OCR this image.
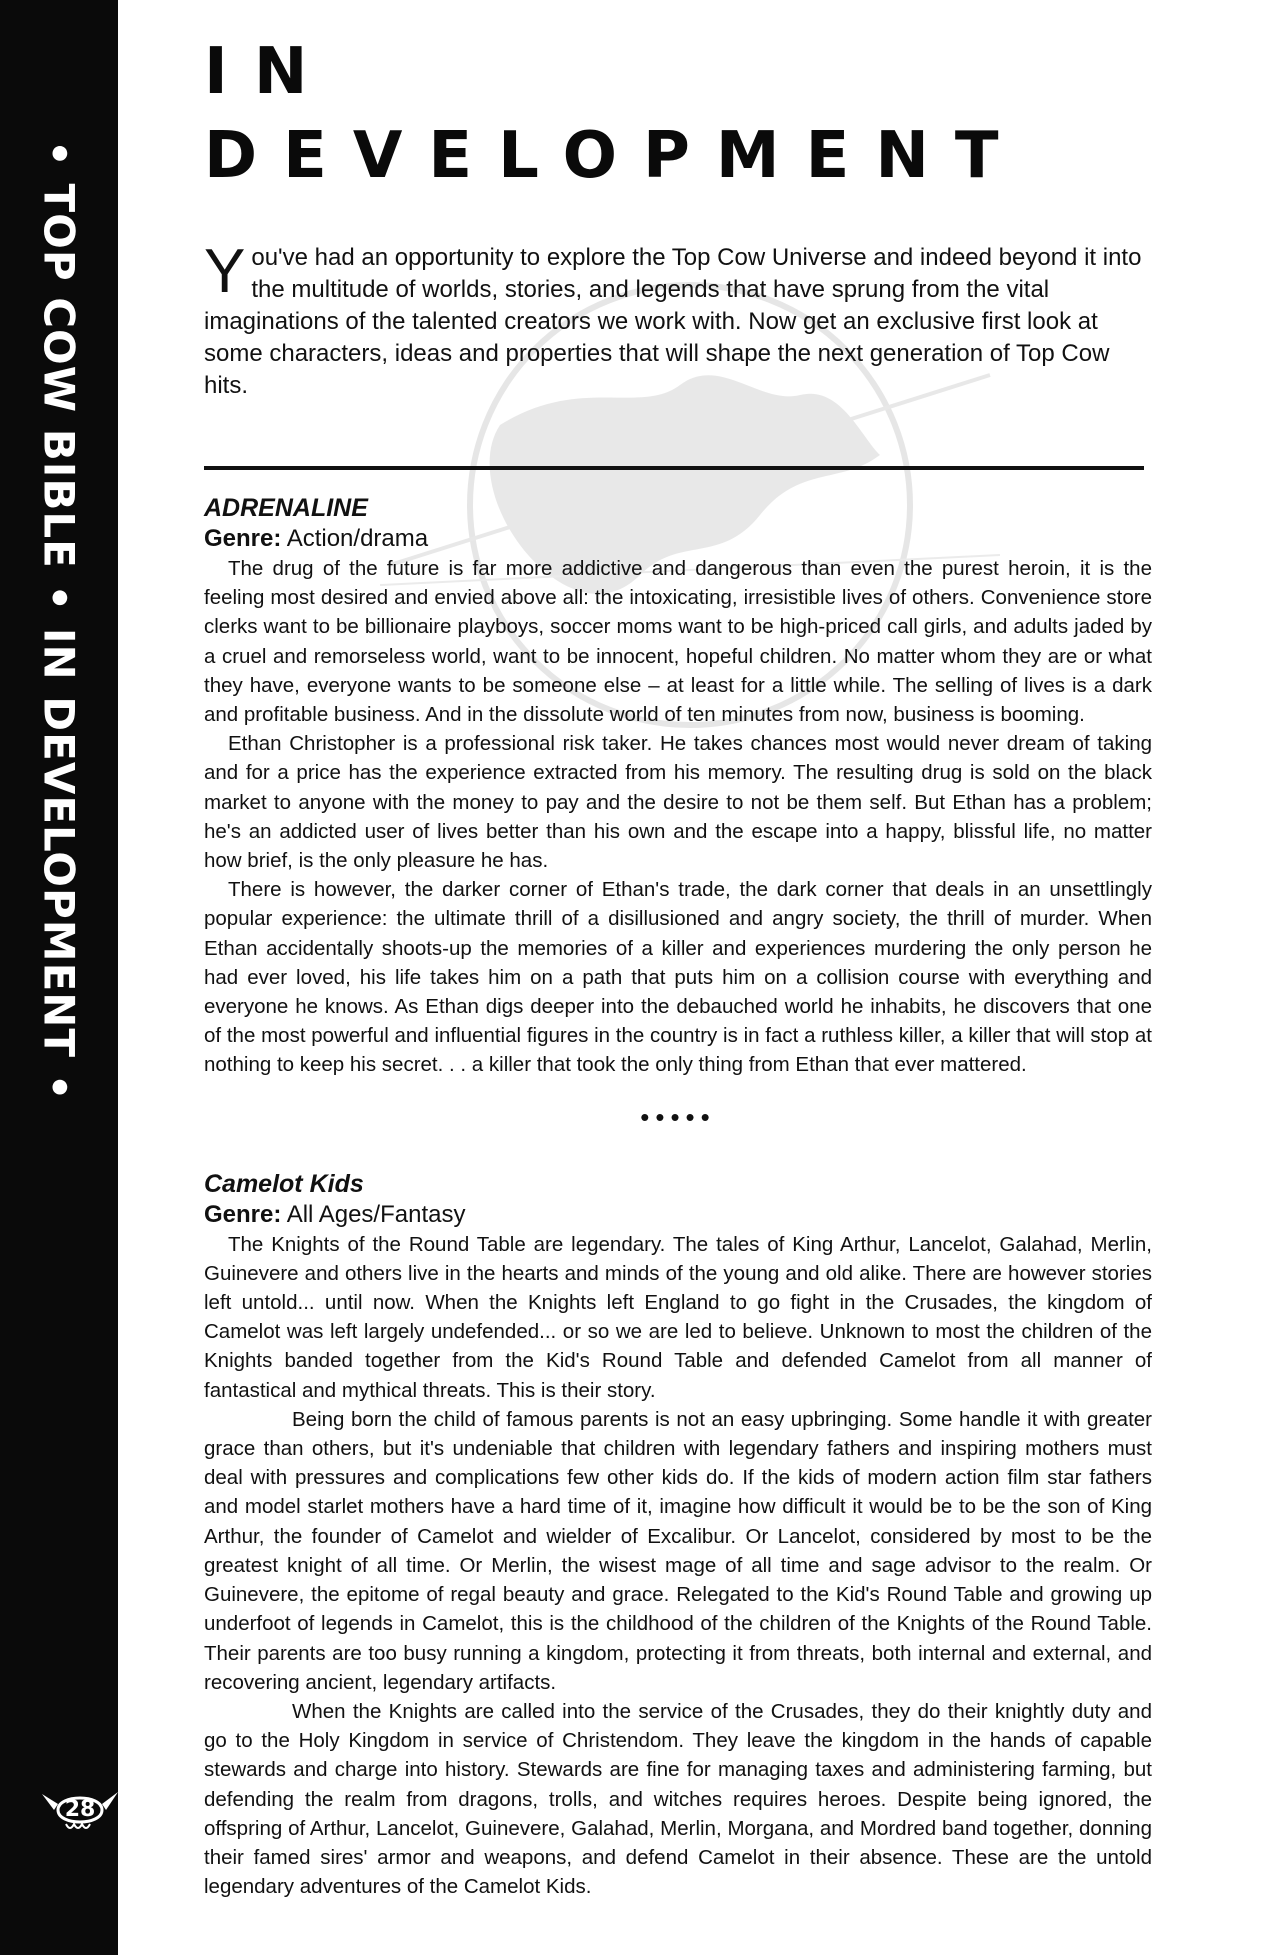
• TOP COW BIBLE • IN DEVELOPMENT •
28
IN DEVELOPMENT
You've had an opportunity to explore the Top Cow Universe and indeed beyond it into the multitude of worlds, stories, and legends that have sprung from the vital imaginations of the talented creators we work with. Now get an exclusive first look at some characters, ideas and properties that will shape the next generation of Top Cow hits.
ADRENALINE
Genre: Action/drama

The drug of the future is far more addictive and dangerous than even the purest heroin, it is the feeling most desired and envied above all: the intoxicating, irresistible lives of others. Convenience store clerks want to be billionaire playboys, soccer moms want to be high-priced call girls, and adults jaded by a cruel and remorseless world, want to be innocent, hopeful children. No matter whom they are or what they have, everyone wants to be someone else – at least for a little while. The selling of lives is a dark and profitable business. And in the dissolute world of ten minutes from now, business is booming.

Ethan Christopher is a professional risk taker. He takes chances most would never dream of taking and for a price has the experience extracted from his memory. The resulting drug is sold on the black market to anyone with the money to pay and the desire to not be them self. But Ethan has a problem; he's an addicted user of lives better than his own and the escape into a happy, blissful life, no matter how brief, is the only pleasure he has.

There is however, the darker corner of Ethan's trade, the dark corner that deals in an unsettlingly popular experience: the ultimate thrill of a disillusioned and angry society, the thrill of murder. When Ethan accidentally shoots-up the memories of a killer and experiences murdering the only person he had ever loved, his life takes him on a path that puts him on a collision course with everything and everyone he knows. As Ethan digs deeper into the debauched world he inhabits, he discovers that one of the most powerful and influential figures in the country is in fact a ruthless killer, a killer that will stop at nothing to keep his secret. . . a killer that took the only thing from Ethan that ever mattered.

•••••
Camelot Kids
Genre: All Ages/Fantasy

The Knights of the Round Table are legendary. The tales of King Arthur, Lancelot, Galahad, Merlin, Guinevere and others live in the hearts and minds of the young and old alike. There are however stories left untold... until now. When the Knights left England to go fight in the Crusades, the kingdom of Camelot was left largely undefended... or so we are led to believe. Unknown to most the children of the Knights banded together from the Kid's Round Table and defended Camelot from all manner of fantastical and mythical threats. This is their story.

Being born the child of famous parents is not an easy upbringing. Some handle it with greater grace than others, but it's undeniable that children with legendary fathers and inspiring mothers must deal with pressures and complications few other kids do. If the kids of modern action film star fathers and model starlet mothers have a hard time of it, imagine how difficult it would be to be the son of King Arthur, the founder of Camelot and wielder of Excalibur. Or Lancelot, considered by most to be the greatest knight of all time. Or Merlin, the wisest mage of all time and sage advisor to the realm. Or Guinevere, the epitome of regal beauty and grace. Relegated to the Kid's Round Table and growing up underfoot of legends in Camelot, this is the childhood of the children of the Knights of the Round Table. Their parents are too busy running a kingdom, protecting it from threats, both internal and external, and recovering ancient, legendary artifacts.

When the Knights are called into the service of the Crusades, they do their knightly duty and go to the Holy Kingdom in service of Christendom. They leave the kingdom in the hands of capable stewards and charge into history. Stewards are fine for managing taxes and administering farming, but defending the realm from dragons, trolls, and witches requires heroes. Despite being ignored, the offspring of Arthur, Lancelot, Guinevere, Galahad, Merlin, Morgana, and Mordred band together, donning their famed sires' armor and weapons, and defend Camelot in their absence. These are the untold legendary adventures of the Camelot Kids.
